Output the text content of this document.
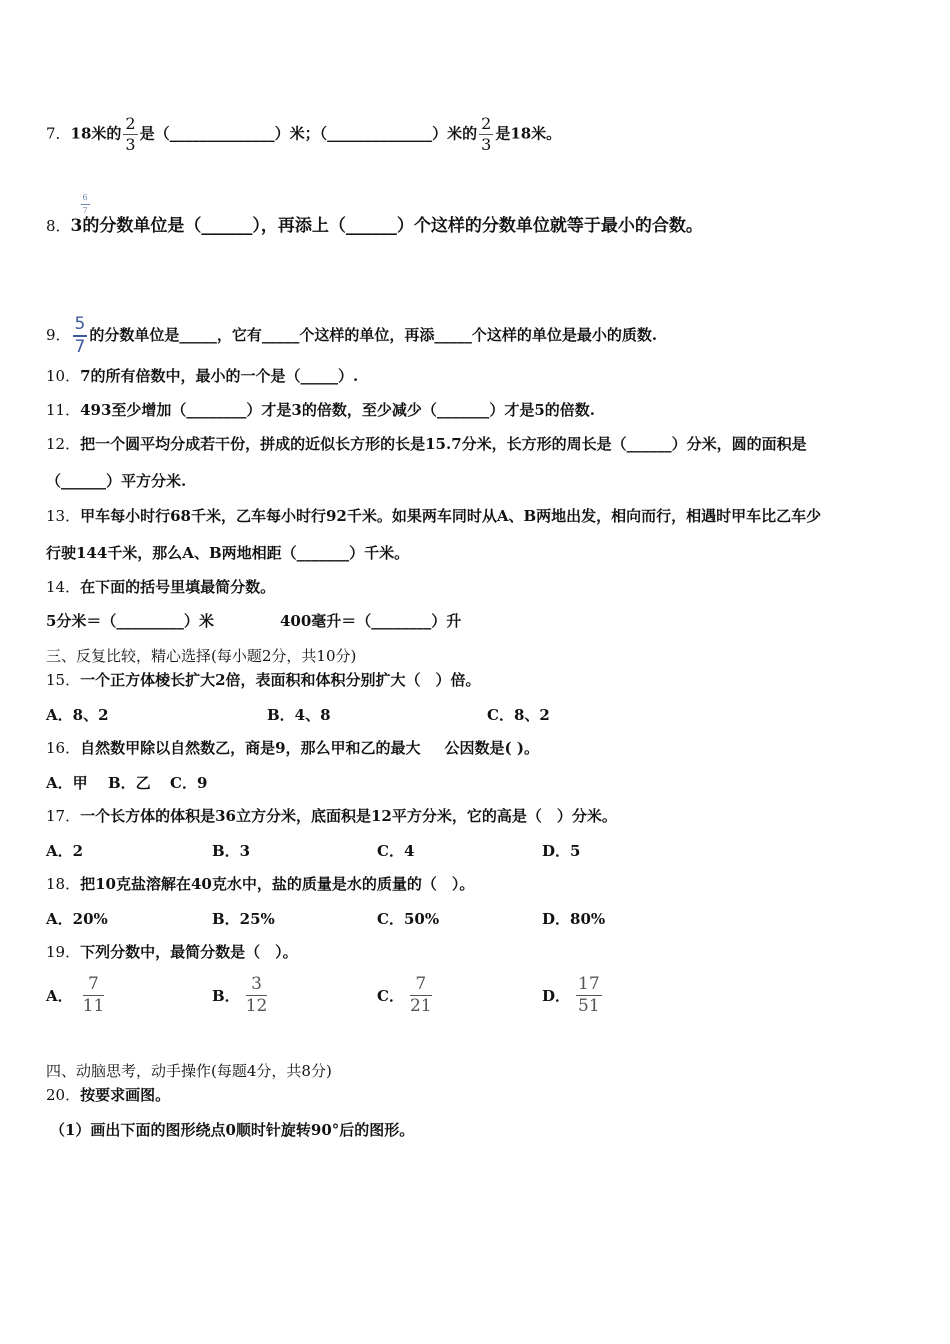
7．18米的 $\frac{2}{3}$ 是（______________）米；（______________）米的 $\frac{2}{3}$ 是18米。
8．
$\frac{6}{7}$
3的分数单位是（______），再添上（______）个这样的分数单位就等于最小的合数。
9． $\frac{5}{7}$ 的分数单位是_____，它有_____个这样的单位，再添_____个这样的单位是最小的质数.
10．7的所有倍数中，最小的一个是（_____）.
11．493至少增加（________）才是3的倍数，至少减少（_______）才是5的倍数.
12．把一个圆平均分成若干份，拼成的近似长方形的长是15.7分米，长方形的周长是（______）分米，圆的面积是
（______）平方分米.
13．甲车每小时行68千米，乙车每小时行92千米。如果两车同时从A、B两地出发，相向而行，相遇时甲车比乙车少
行驶144千米，那么A、B两地相距（_______）千米。
14．在下面的括号里填最简分数。
5分米＝（_________）米	400毫升＝（________）升
三、反复比较，精心选择(每小题2分，共10分)
15．一个正方体棱长扩大2倍，表面积和体积分别扩大（　）倍。
A．8、2	B．4、8	C．8、2
16．自然数甲除以自然数乙，商是9，那么甲和乙的最大 公因数是( )。
A．甲 B．乙 C．9
17．一个长方体的体积是36立方分米，底面积是12平方分米，它的高是（　）分米。
A．2	B．3	C．4	D．5
18．把10克盐溶解在40克水中，盐的质量是水的质量的（　）。
A．20%	B．25%	C．50%	D．80%
19．下列分数中，最简分数是（　）。
A． $\frac{7}{11}$	B． $\frac{3}{12}$	C． $\frac{7}{21}$	D． $\frac{17}{51}$
四、动脑思考，动手操作(每题4分，共8分)
20．按要求画图。
（1）画出下面的图形绕点0顺时针旋转90°后的图形。
